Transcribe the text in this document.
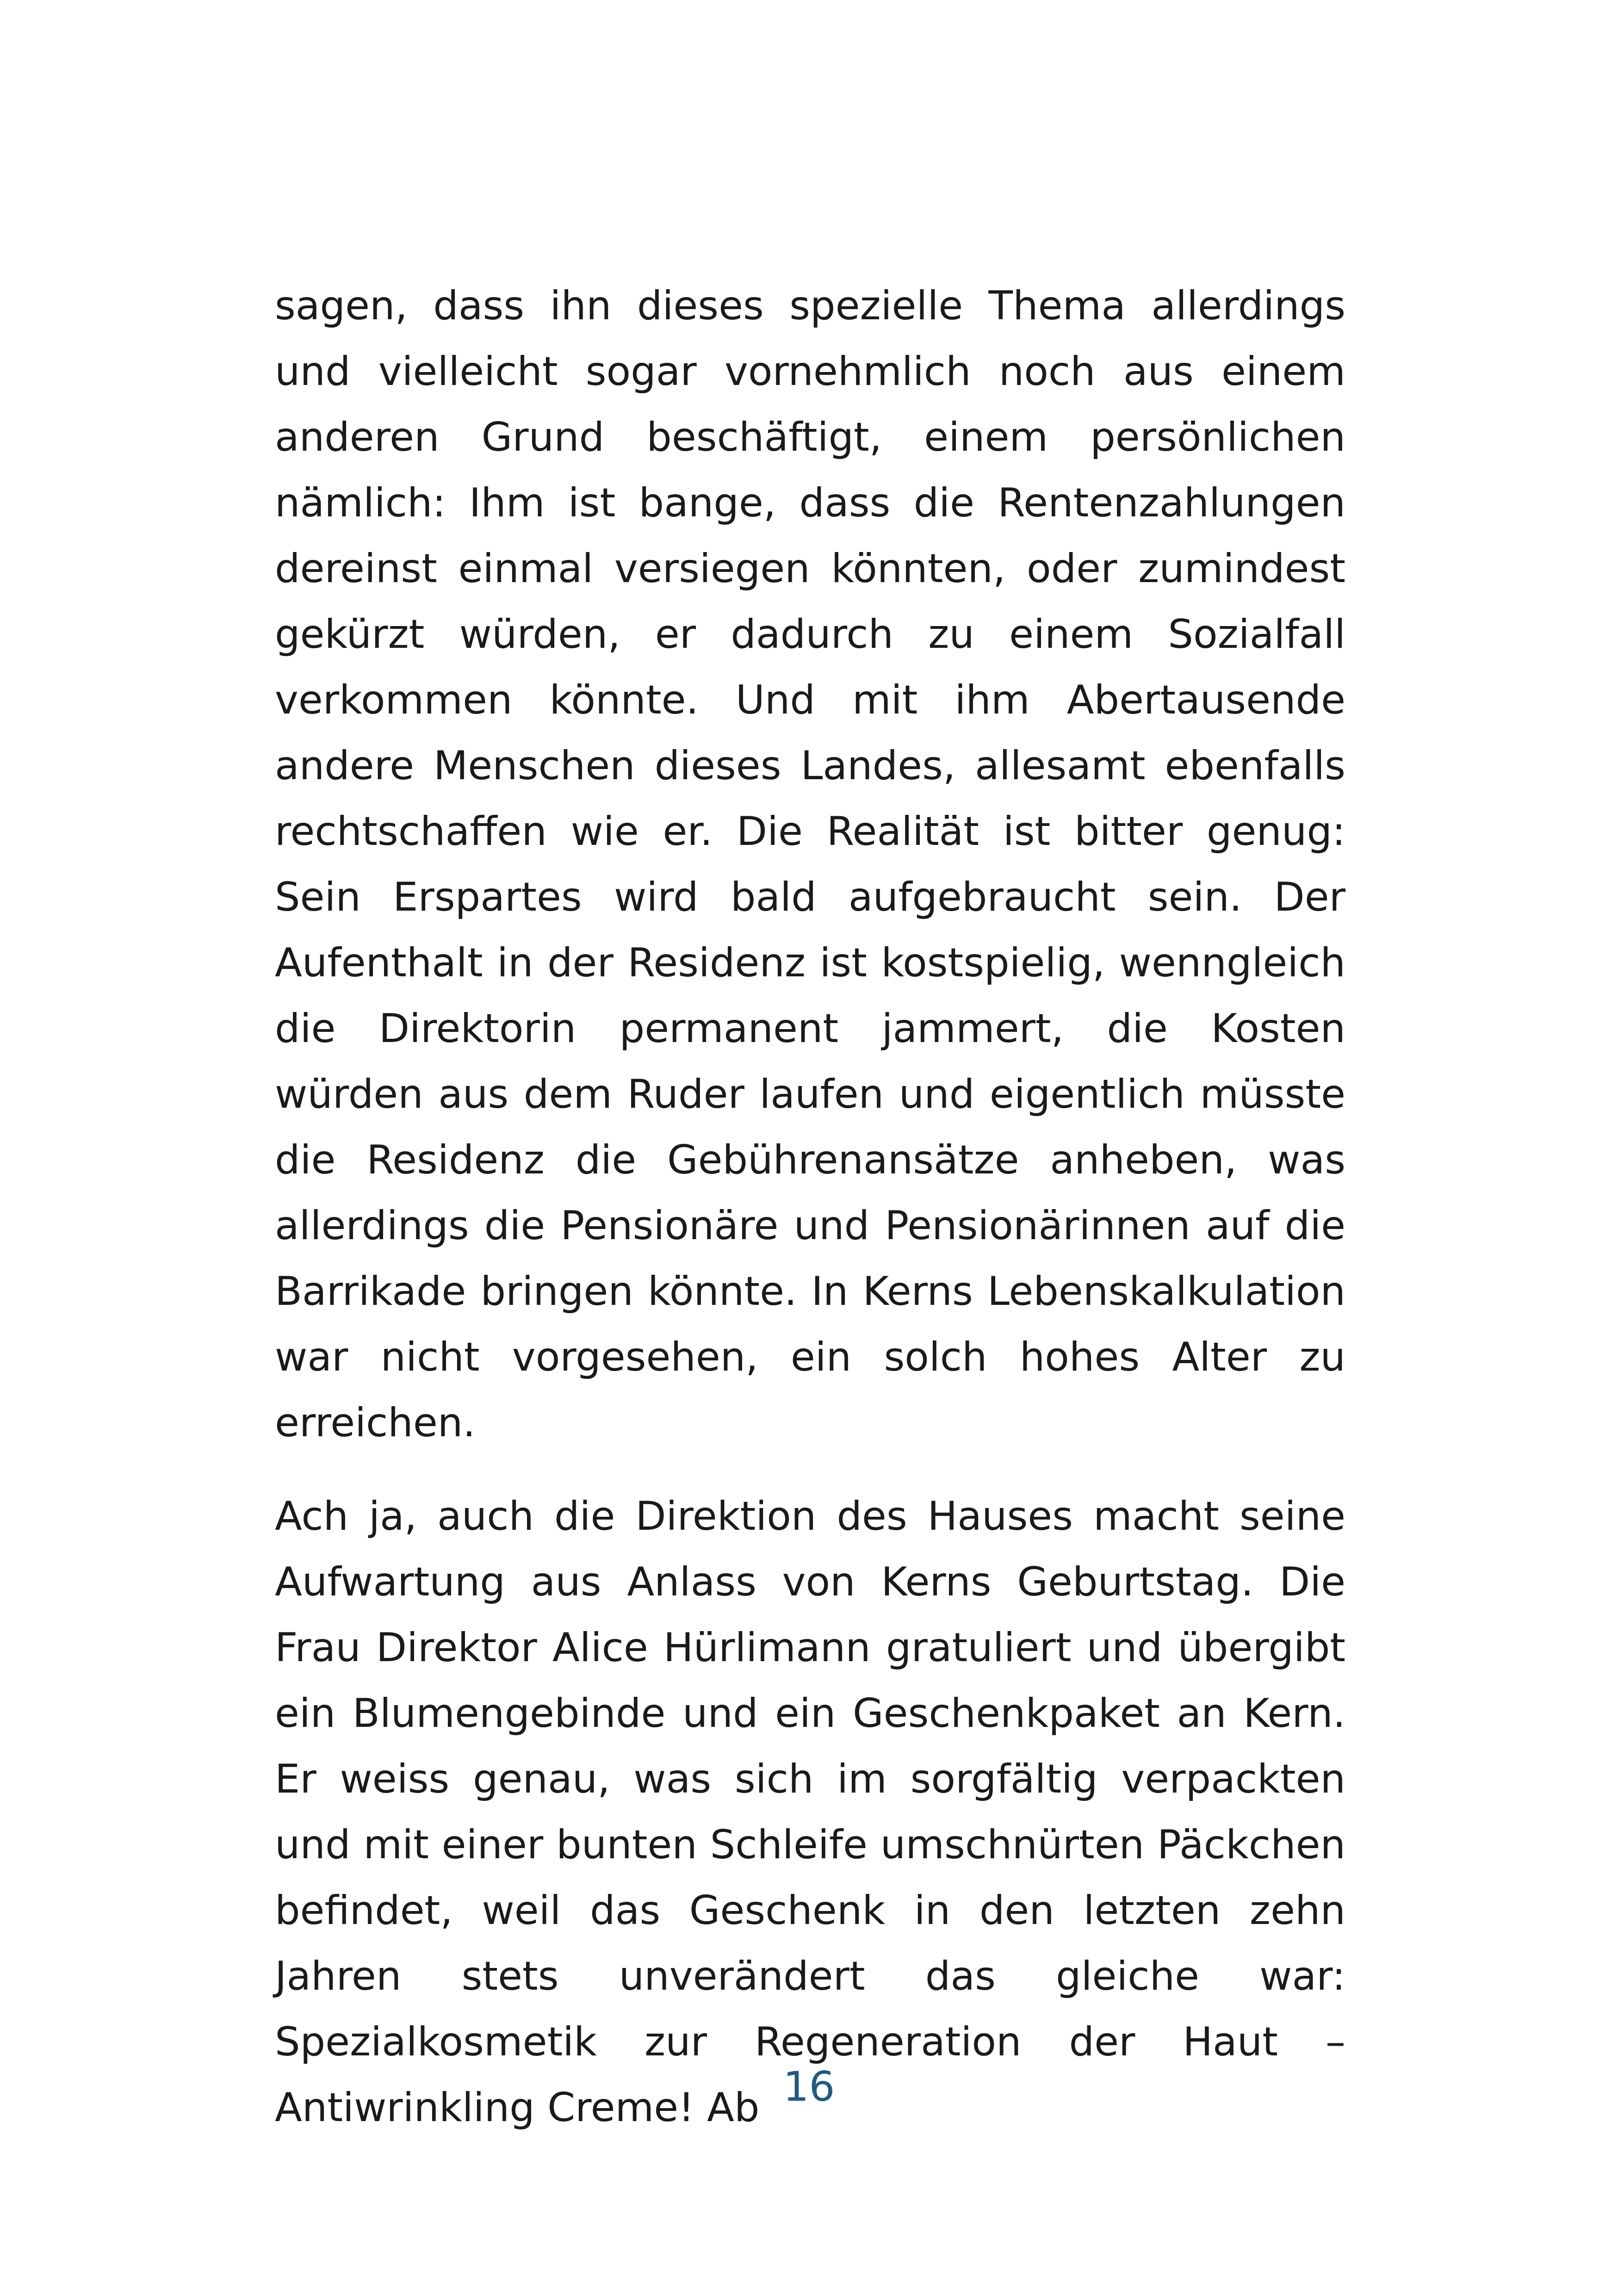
sagen, dass ihn dieses spezielle Thema allerdings und vielleicht sogar vornehmlich noch aus einem anderen Grund beschäftigt, einem persönlichen nämlich: Ihm ist bange, dass die Rentenzahlungen dereinst einmal versiegen könnten, oder zumindest gekürzt würden, er dadurch zu einem Sozialfall verkommen könnte. Und mit ihm Abertausende andere Menschen dieses Landes, allesamt ebenfalls rechtschaffen wie er. Die Realität ist bitter genug: Sein Erspartes wird bald aufgebraucht sein. Der Aufenthalt in der Residenz ist kostspielig, wenngleich die Direktorin permanent jammert, die Kosten würden aus dem Ruder laufen und eigentlich müsste die Residenz die Gebührenansätze anheben, was allerdings die Pensionäre und Pensionärinnen auf die Barrikade bringen könnte. In Kerns Lebenskalkulation war nicht vorgesehen, ein solch hohes Alter zu erreichen.

Ach ja, auch die Direktion des Hauses macht seine Aufwartung aus Anlass von Kerns Geburtstag. Die Frau Direktor Alice Hürlimann gratuliert und übergibt ein Blumengebinde und ein Geschenkpaket an Kern. Er weiss genau, was sich im sorgfältig verpackten und mit einer bunten Schleife umschnürten Päckchen befindet, weil das Geschenk in den letzten zehn Jahren stets unverändert das gleiche war: Spezialkosmetik zur Regeneration der Haut – Antiwrinkling Creme! Ab 16
